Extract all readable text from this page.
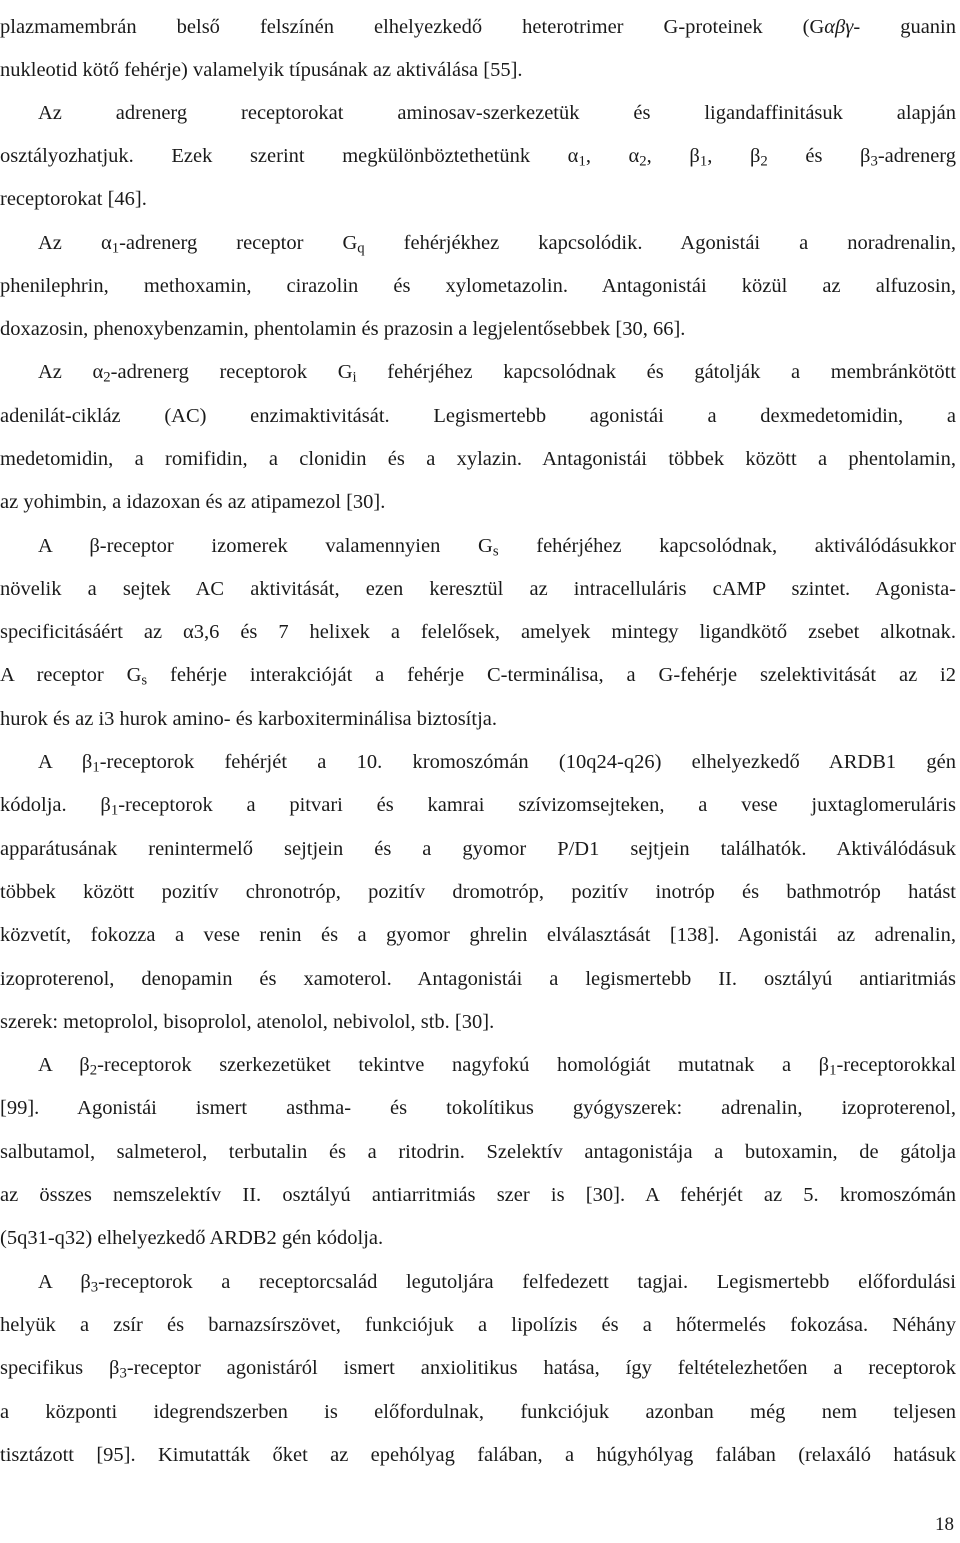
plazmamembrán belső felszínén elhelyezkedő heterotrimer G-proteinek (Gαβγ- guanin
nukleotid kötő fehérje) valamelyik típusának az aktiválása [55].
Az adrenerg receptorokat aminosav-szerkezetük és ligandaffinitásuk alapján
osztályozhatjuk. Ezek szerint megkülönböztethetünk $\alpha_1$, $\alpha_2$, $\beta_1$, $\beta_2$ és $\beta_3$-adrenerg
receptorokat [46].
Az $\alpha_1$-adrenerg receptor $G_q$ fehérjékhez kapcsolódik. Agonistái a noradrenalin,
phenilephrin, methoxamin, cirazolin és xylometazolin. Antagonistái közül az alfuzosin,
doxazosin, phenoxybenzamin, phentolamin és prazosin a legjelentősebbek [30, 66].
Az $\alpha_2$-adrenerg receptorok $G_i$ fehérjéhez kapcsolódnak és gátolják a membránkötött
adenilát-cikláz (AC) enzimaktivitását. Legismertebb agonistái a dexmedetomidin, a
medetomidin, a romifidin, a clonidin és a xylazin. Antagonistái többek között a phentolamin,
az yohimbin, a idazoxan és az atipamezol [30].
A β-receptor izomerek valamennyien $G_s$ fehérjéhez kapcsolódnak, aktiválódásukkor
növelik a sejtek AC aktivitását, ezen keresztül az intracelluláris cAMP szintet. Agonista-
specificitásáért az α3,6 és 7 helixek a felelősek, amelyek mintegy ligandkötő zsebet alkotnak.
A receptor $G_s$ fehérje interakcióját a fehérje C-terminálisa, a G-fehérje szelektivitását az i2
hurok és az i3 hurok amino- és karboxiterminálisa biztosítja.
A $\beta_1$-receptorok fehérjét a 10. kromoszómán (10q24-q26) elhelyezkedő ARDB1 gén
kódolja. $\beta_1$-receptorok a pitvari és kamrai szívizomsejteken, a vese juxtaglomeruláris
apparátusának renintermelő sejtjein és a gyomor P/D1 sejtjein találhatók. Aktiválódásuk
többek között pozitív chronotróp, pozitív dromotróp, pozitív inotróp és bathmotróp hatást
közvetít, fokozza a vese renin és a gyomor ghrelin elválasztását [138]. Agonistái az adrenalin,
izoproterenol, denopamin és xamoterol. Antagonistái a legismertebb II. osztályú antiaritmiás
szerek: metoprolol, bisoprolol, atenolol, nebivolol, stb. [30].
A $\beta_2$-receptorok szerkezetüket tekintve nagyfokú homológiát mutatnak a $\beta_1$-receptorokkal
[99]. Agonistái ismert asthma- és tokolítikus gyógyszerek: adrenalin, izoproterenol,
salbutamol, salmeterol, terbutalin és a ritodrin. Szelektív antagonistája a butoxamin, de gátolja
az összes nemszelektív II. osztályú antiarritmiás szer is [30]. A fehérjét az 5. kromoszómán
(5q31-q32) elhelyezkedő ARDB2 gén kódolja.
A $\beta_3$-receptorok a receptorcsalád legutoljára felfedezett tagjai. Legismertebb előfordulási
helyük a zsír és barnazsírszövet, funkciójuk a lipolízis és a hőtermelés fokozása. Néhány
specifikus $\beta_3$-receptor agonistáról ismert anxiolitikus hatása, így feltételezhetően a receptorok
a központi idegrendszerben is előfordulnak, funkciójuk azonban még nem teljesen
tisztázott [95]. Kimutatták őket az epehólyag falában, a húgyhólyag falában (relaxáló hatásuk
18
